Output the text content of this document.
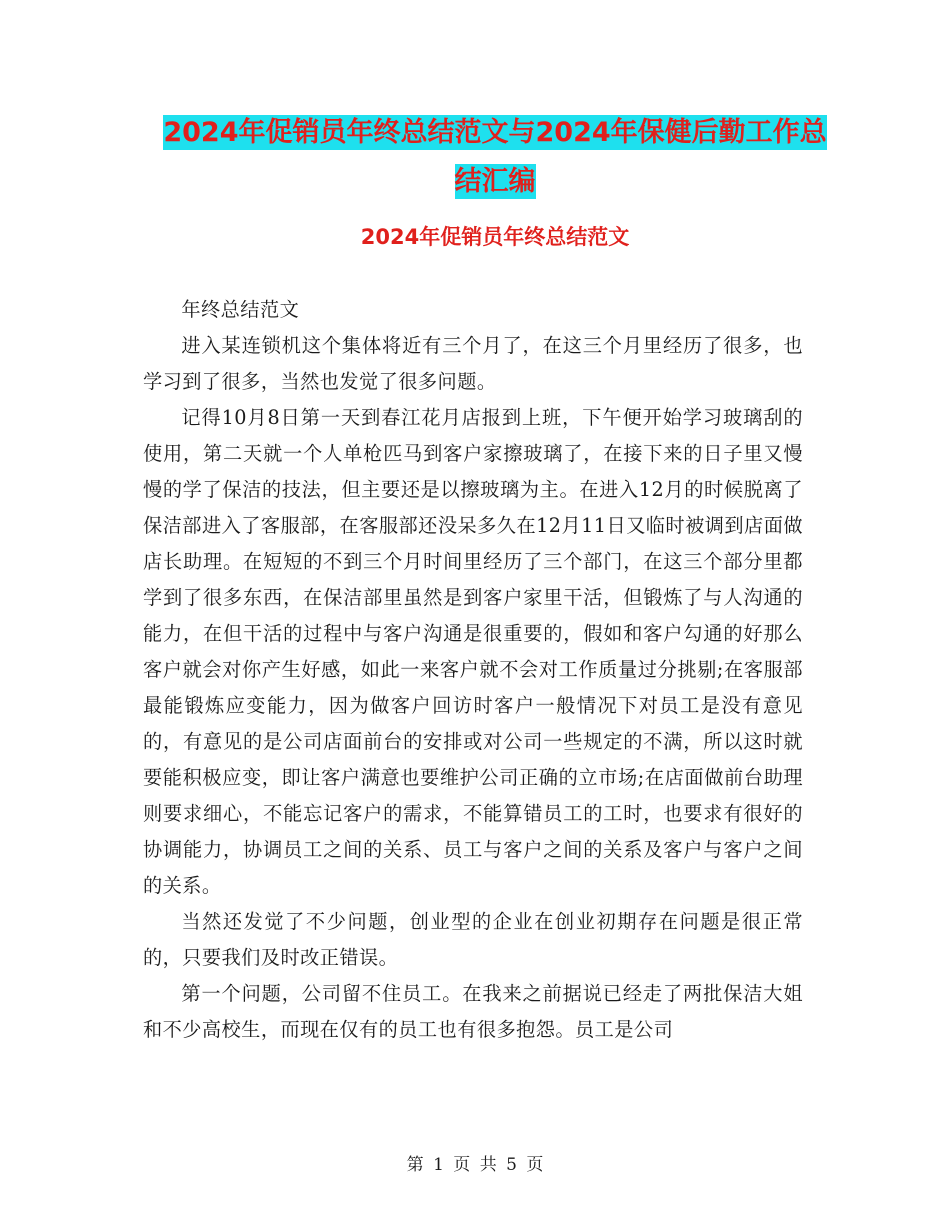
2024年促销员年终总结范文与2024年保健后勤工作总
结汇编
2024年促销员年终总结范文

年终总结范文

进入某连锁机这个集体将近有三个月了，在这三个月里经历了很多，也学习到了很多，当然也发觉了很多问题。

记得10月8日第一天到春江花月店报到上班，下午便开始学习玻璃刮的使用，第二天就一个人单枪匹马到客户家擦玻璃了，在接下来的日子里又慢慢的学了保洁的技法，但主要还是以擦玻璃为主。在进入12月的时候脱离了保洁部进入了客服部，在客服部还没呆多久在12月11日又临时被调到店面做店长助理。在短短的不到三个月时间里经历了三个部门，在这三个部分里都学到了很多东西，在保洁部里虽然是到客户家里干活，但锻炼了与人沟通的能力，在但干活的过程中与客户沟通是很重要的，假如和客户勾通的好那么客户就会对你产生好感，如此一来客户就不会对工作质量过分挑剔;在客服部最能锻炼应变能力，因为做客户回访时客户一般情况下对员工是没有意见的，有意见的是公司店面前台的安排或对公司一些规定的不满，所以这时就要能积极应变，即让客户满意也要维护公司正确的立市场;在店面做前台助理则要求细心，不能忘记客户的需求，不能算错员工的工时，也要求有很好的协调能力，协调员工之间的关系、员工与客户之间的关系及客户与客户之间的关系。

当然还发觉了不少问题，创业型的企业在创业初期存在问题是很正常的，只要我们及时改正错误。

第一个问题，公司留不住员工。在我来之前据说已经走了两批保洁大姐和不少高校生，而现在仅有的员工也有很多抱怨。员工是公司

第 1 页 共 5 页
